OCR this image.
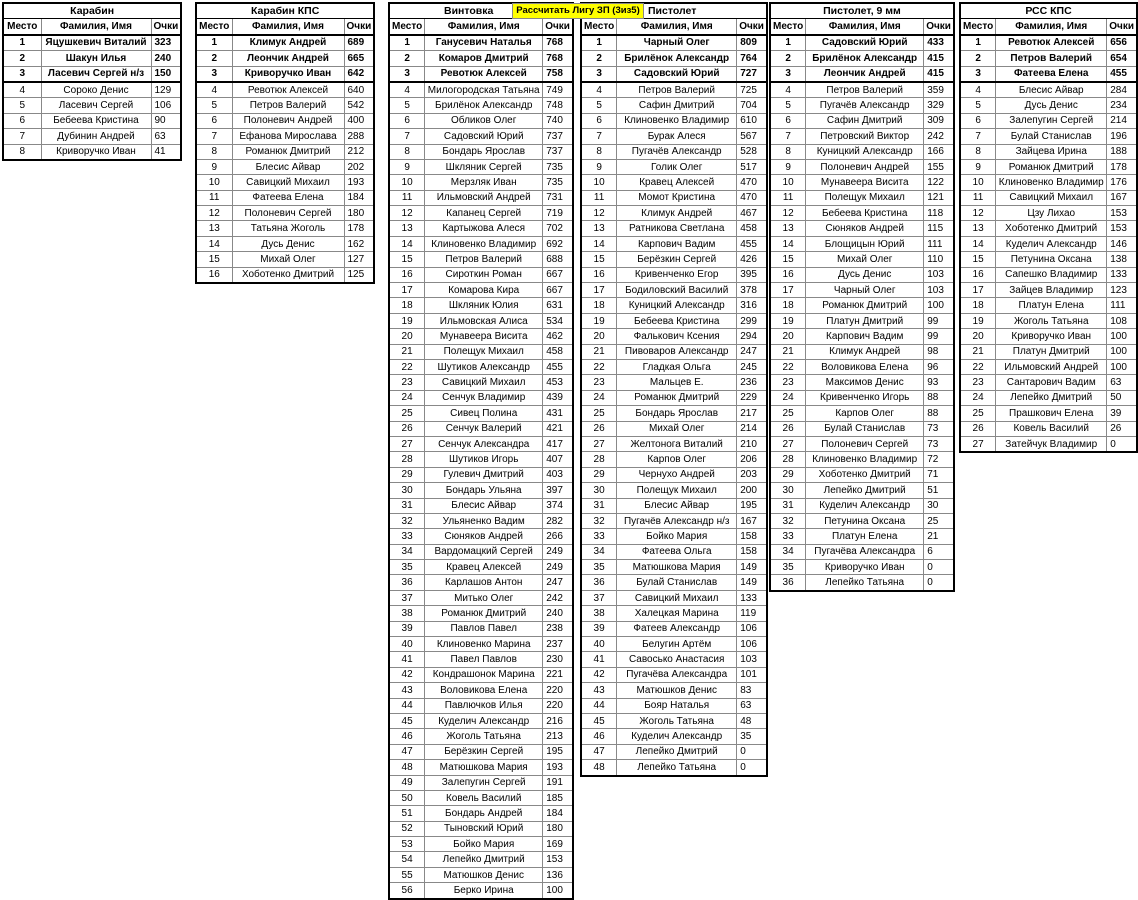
Карабин		
Место	Фамилия, Имя	Очки
1	Яцушкевич Виталий	323
2	Шакун Илья	240
3	Ласевич Сергей н/з	150
4	Сороко Денис	129
5	Ласевич Сергей	106
6	Бебеева Кристина	90
7	Дубинин Андрей	63
8	Криворучко Иван	41
Карабин КПС		
Место	Фамилия, Имя	Очки
1	Климук Андрей	689
2	Леончик Андрей	665
3	Криворучко Иван	642
4	Ревотюк Алексей	640
5	Петров Валерий	542
6	Полоневич Андрей	400
7	Ефанова Мирослава	288
8	Романюк Дмитрий	212
9	Блесис Айвар	202
10	Савицкий Михаил	193
11	Фатеева Елена	184
12	Полоневич Сергей	180
13	Татьяна Жоголь	178
14	Дусь Денис	162
15	Михай Олег	127
16	Хоботенко Дмитрий	125
Винтовка		
Место	Фамилия, Имя	Очки
1	Ганусевич Наталья	768
2	Комаров Дмитрий	768
3	Ревотюк Алексей	758
4	Милогородская Татьяна	749
5	Брилёнок Александр	748
6	Обликов Олег	740
7	Садовский Юрий	737
8	Бондарь Ярослав	737
9	Шкляник Сергей	735
10	Мерзляк Иван	735
11	Ильмовский Андрей	731
12	Капанец Сергей	719
13	Картыжова Алеся	702
14	Клиновенко Владимир	692
15	Петров Валерий	688
16	Сироткин Роман	667
17	Комарова Кира	667
18	Шкляник Юлия	631
19	Ильмовская Алиса	534
20	Мунавеера Висита	462
21	Полещук Михаил	458
22	Шутиков Александр	455
23	Савицкий Михаил	453
24	Сенчук Владимир	439
25	Сивец Полина	431
26	Сенчук Валерий	421
27	Сенчук Александра	417
28	Шутиков Игорь	407
29	Гулевич Дмитрий	403
30	Бондарь Ульяна	397
31	Блесис Айвар	374
32	Ульяненко Вадим	282
33	Сюняков Андрей	266
34	Вардомацкий Сергей	249
35	Кравец Алексей	249
36	Карлашов Антон	247
37	Митько Олег	242
38	Романюк Дмитрий	240
39	Павлов Павел	238
40	Клиновенко Марина	237
41	Павел Павлов	230
42	Кондрашонок Марина	221
43	Воловикова Елена	220
44	Павлючков Илья	220
45	Куделич Александр	216
46	Жоголь Татьяна	213
47	Берёзкин Сергей	195
48	Матюшкова Мария	193
49	Залепугин Сергей	191
50	Ковель Василий	185
51	Бондарь Андрей	184
52	Тыновский Юрий	180
53	Бойко Мария	169
54	Лепейко Дмитрий	153
55	Матюшков Денис	136
56	Берко Ирина	100
Пистолет		
Место	Фамилия, Имя	Очки
1	Чарный Олег	809
2	Брилёнок Александр	764
3	Садовский Юрий	727
4	Петров Валерий	725
5	Сафин Дмитрий	704
6	Клиновенко Владимир	610
7	Бурак Алеся	567
8	Пугачёв Александр	528
9	Голик Олег	517
10	Кравец Алексей	470
11	Момот Кристина	470
12	Климук Андрей	467
13	Ратникова Светлана	458
14	Карпович Вадим	455
15	Берёзкин Сергей	426
16	Кривенченко Егор	395
17	Бодиловский Василий	378
18	Куницкий Александр	316
19	Бебеева Кристина	299
20	Фалькович Ксения	294
21	Пивоваров Александр	247
22	Гладкая Ольга	245
23	Мальцев Е.	236
24	Романюк Дмитрий	229
25	Бондарь Ярослав	217
26	Михай Олег	214
27	Желтонога Виталий	210
28	Карпов Олег	206
29	Чернухо Андрей	203
30	Полещук Михаил	200
31	Блесис Айвар	195
32	Пугачёв Александр н/з	167
33	Бойко Мария	158
34	Фатеева Ольга	158
35	Матюшкова Мария	149
36	Булай Станислав	149
37	Савицкий Михаил	133
38	Халецкая Марина	119
39	Фатеев Александр	106
40	Белугин Артём	106
41	Савосько Анастасия	103
42	Пугачёва Александра	101
43	Матюшков Денис	83
44	Бояр Наталья	63
45	Жоголь Татьяна	48
46	Куделич Александр	35
47	Лепейко Дмитрий	0
48	Лепейко Татьяна	0
Пистолет, 9 мм		
Место	Фамилия, Имя	Очки
1	Садовский Юрий	433
2	Брилёнок Александр	415
3	Леончик Андрей	415
4	Петров Валерий	359
5	Пугачёв Александр	329
6	Сафин Дмитрий	309
7	Петровский Виктор	242
8	Куницкий Александр	166
9	Полоневич Андрей	155
10	Мунавеера Висита	122
11	Полещук Михаил	121
12	Бебеева Кристина	118
13	Сюняков Андрей	115
14	Блощицын Юрий	111
15	Михай Олег	110
16	Дусь Денис	103
17	Чарный Олег	103
18	Романюк Дмитрий	100
19	Платун Дмитрий	99
20	Карпович Вадим	99
21	Климук Андрей	98
22	Воловикова Елена	96
23	Максимов Денис	93
24	Кривенченко Игорь	88
25	Карпов Олег	88
26	Булай Станислав	73
27	Полоневич Сергей	73
28	Клиновенко Владимир	72
29	Хоботенко Дмитрий	71
30	Лепейко Дмитрий	51
31	Куделич Александр	30
32	Петунина Оксана	25
33	Платун Елена	21
34	Пугачёва Александра	6
35	Криворучко Иван	0
36	Лепейко Татьяна	0
РСС КПС		
Место	Фамилия, Имя	Очки
1	Ревотюк Алексей	656
2	Петров Валерий	654
3	Фатеева Елена	455
4	Блесис Айвар	284
5	Дусь Денис	234
6	Залепугин Сергей	214
7	Булай Станислав	196
8	Зайцева Ирина	188
9	Романюк Дмитрий	178
10	Клиновенко Владимир	176
11	Савицкий Михаил	167
12	Цзу Лихао	153
13	Хоботенко Дмитрий	153
14	Куделич Александр	146
15	Петунина Оксана	138
16	Сапешко Владимир	133
17	Зайцев Владимир	123
18	Платун Елена	111
19	Жоголь Татьяна	108
20	Криворучко Иван	100
21	Платун Дмитрий	100
22	Ильмовский Андрей	100
23	Сантарович Вадим	63
24	Лепейко Дмитрий	50
25	Прашкович Елена	39
26	Ковель Василий	26
27	Затейчук Владимир	0
Рассчитать Лигу ЗП (3из5)
